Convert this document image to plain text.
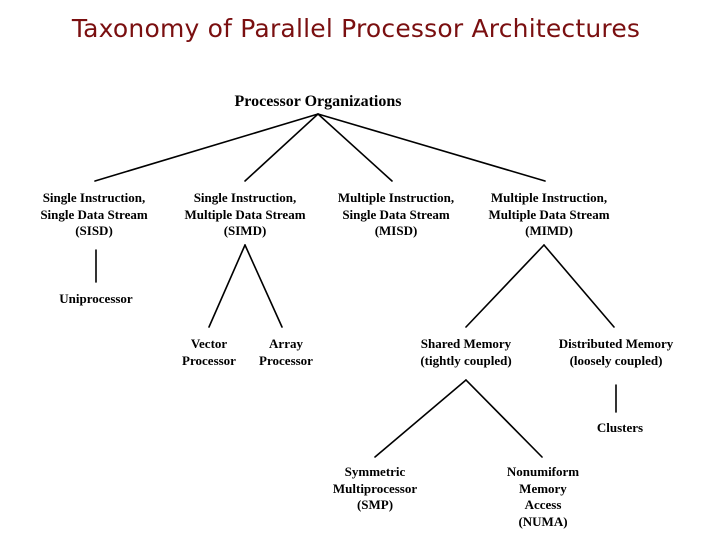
Taxonomy of Parallel Processor Architectures
Processor Organizations
Single Instruction,
Single Data Stream
(SISD)
Single Instruction,
Multiple Data Stream
(SIMD)
Multiple Instruction,
Single Data Stream
(MISD)
Multiple Instruction,
Multiple Data Stream
(MIMD)
Uniprocessor
Vector
Processor
Array
Processor
Shared Memory
(tightly coupled)
Distributed Memory
(loosely coupled)
Clusters
Symmetric
Multiprocessor
(SMP)
Nonumiform
Memory
Access
(NUMA)
